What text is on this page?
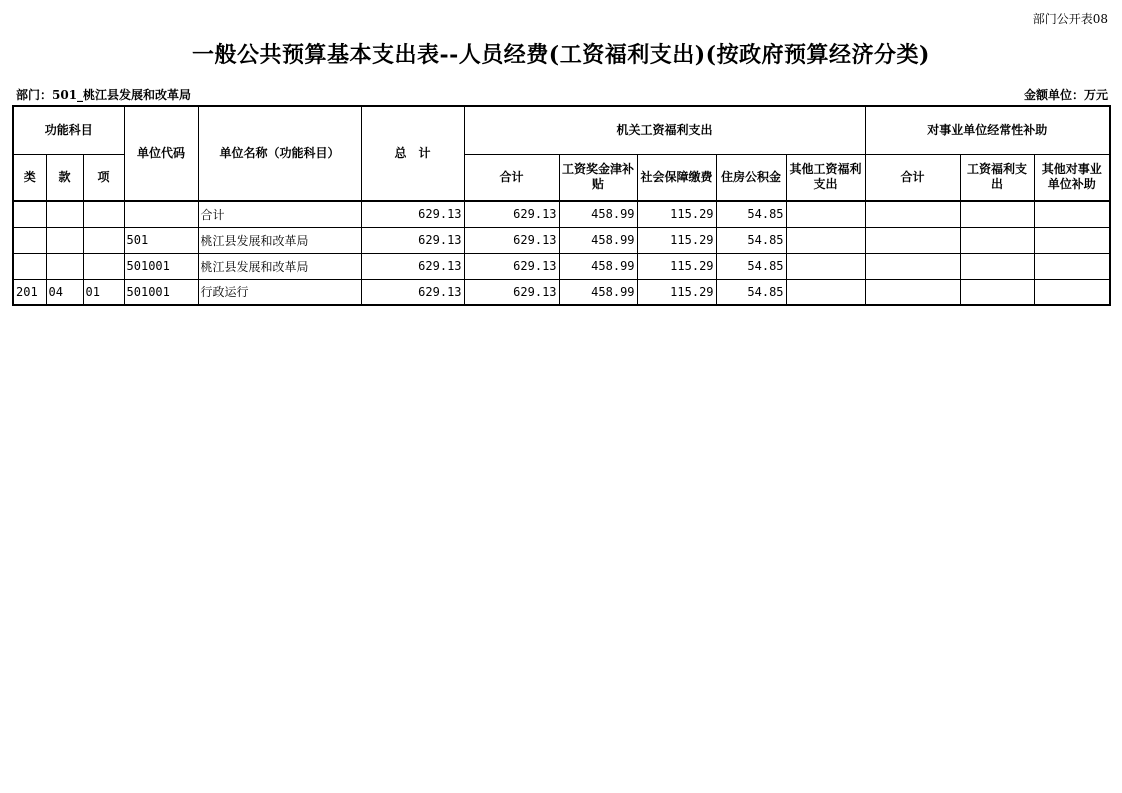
部门公开表08
一般公共预算基本支出表--人员经费(工资福利支出)(按政府预算经济分类)
部门：501_桃江县发展和改革局	金额单位：万元
功能科目			单位代码	单位名称（功能科目）	总　计	机关工资福利支出					对事业单位经常性补助		
类	款	项				合计	工资奖金津补贴	社会保障缴费	住房公积金	其他工资福利支出	合计	工资福利支出	其他对事业单位补助
				合计	629.13	629.13	458.99	115.29	54.85				
			501	桃江县发展和改革局	629.13	629.13	458.99	115.29	54.85				
			501001	桃江县发展和改革局	629.13	629.13	458.99	115.29	54.85				
201	04	01	501001	行政运行	629.13	629.13	458.99	115.29	54.85				
